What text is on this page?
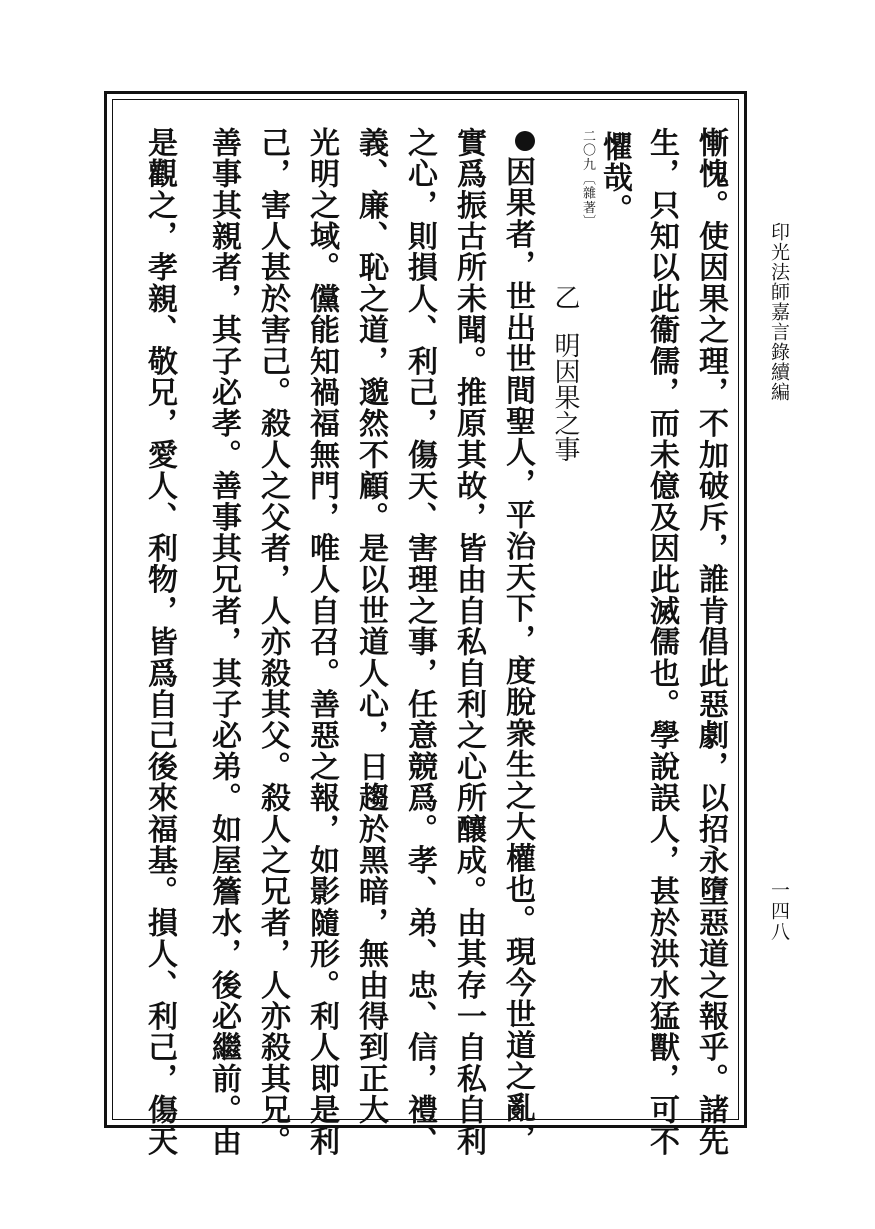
印光法師嘉言錄續編
一四八
慚愧。使因果之理，不加破斥，誰肯倡此惡劇，以招永墮惡道之報乎。諸先
生，只知以此衞儒，而未億及因此滅儒也。學說誤人，甚於洪水猛獸，可不
懼哉。
〔雜著〕
二〇九
乙明因果之事
因果者，世出世間聖人，平治天下，度脫衆生之大權也。現今世道之亂，
實爲振古所未聞。推原其故，皆由自私自利之心所釀成。由其存一自私自利
之心，則損人、利己，傷天、害理之事，任意競爲。孝、弟、忠、信，禮、
義、廉、恥之道，邈然不顧。是以世道人心，日趨於黑暗，無由得到正大
光明之域。儻能知禍福無門，唯人自召。善惡之報，如影隨形。利人即是利
己，害人甚於害己。殺人之父者，人亦殺其父。殺人之兄者，人亦殺其兄。
善事其親者，其子必孝。善事其兄者，其子必弟。如屋簷水，後必繼前。由
是觀之，孝親、敬兄，愛人、利物，皆爲自己後來福基。損人、利己，傷天
